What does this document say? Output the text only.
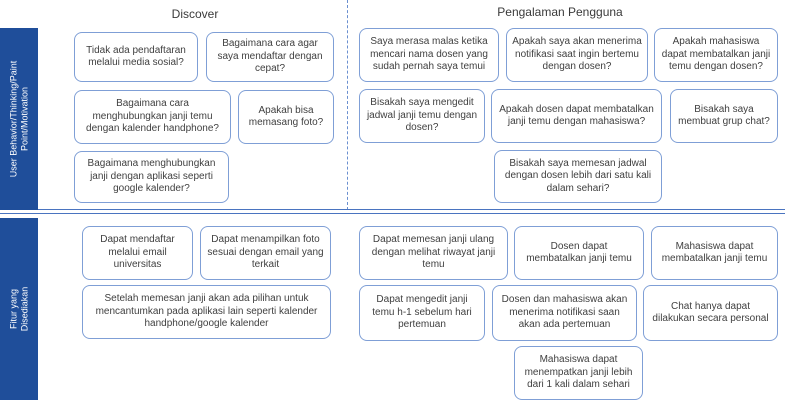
Discover	Pengalaman Pengguna
User Behavior/Thinking/Paint Point/Motivation
Fitur yang Disediakan
Tidak ada pendaftaran melalui media sosial?
Bagaimana cara agar saya mendaftar dengan cepat?
Bagaimana cara menghubungkan janji temu dengan kalender handphone?
Apakah bisa memasang foto?
Bagaimana menghubungkan janji dengan aplikasi seperti google kalender?
Saya merasa malas ketika mencari nama dosen yang sudah pernah saya temui
Apakah saya akan menerima notifikasi saat ingin bertemu dengan dosen?
Apakah mahasiswa dapat membatalkan janji temu dengan dosen?
Bisakah saya mengedit jadwal janji temu dengan dosen?
Apakah dosen dapat membatalkan janji temu dengan mahasiswa?
Bisakah saya membuat grup chat?
Bisakah saya memesan jadwal dengan dosen lebih dari satu kali dalam sehari?
Dapat mendaftar melalui email universitas
Dapat menampilkan foto sesuai dengan email yang terkait
Setelah memesan janji akan ada pilihan untuk mencantumkan pada aplikasi lain seperti kalender handphone/google kalender
Dapat memesan janji ulang dengan melihat riwayat janji temu
Dosen dapat membatalkan janji temu
Mahasiswa dapat membatalkan janji temu
Dapat mengedit janji temu h-1 sebelum hari pertemuan
Dosen dan mahasiswa akan menerima notifikasi saan akan ada pertemuan
Chat hanya dapat dilakukan secara personal
Mahasiswa dapat menempatkan janji lebih dari 1 kali dalam sehari
